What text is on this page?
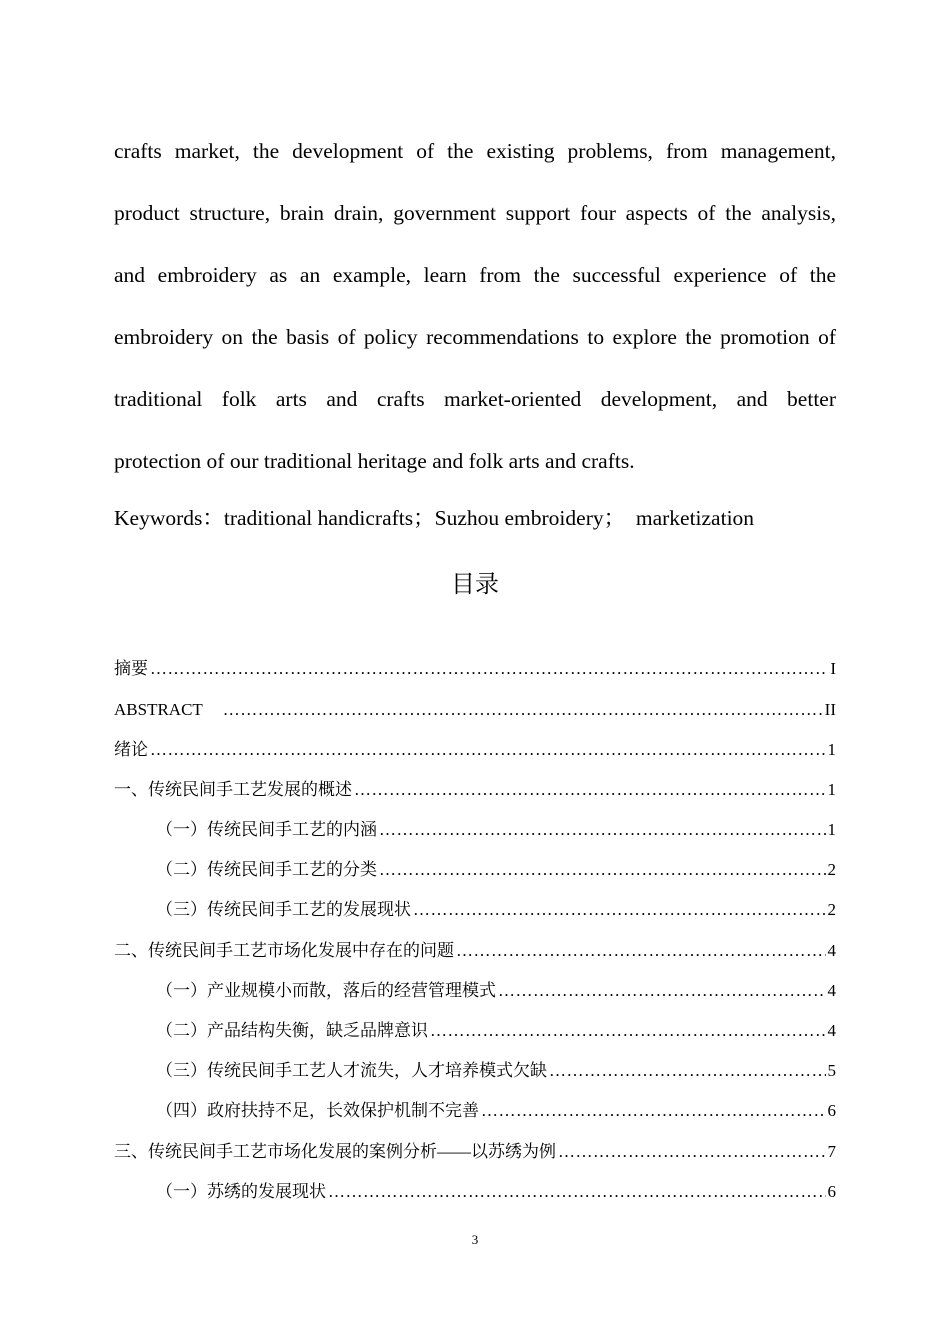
crafts market, the development of the existing problems, from management,
product structure, brain drain, government support four aspects of the analysis,
and embroidery as an example, learn from the successful experience of the
embroidery on the basis of policy recommendations to explore the promotion of
traditional folk arts and crafts market-oriented development, and better
protection of our traditional heritage and folk arts and crafts.
Keywords：traditional handicrafts；Suzhou embroidery；  marketization
目录
摘要 …………………………………………………………………………………………………………………………………………………………………………………………………………	I
ABSTRACT …………………………………………………………………………………………………………………………………………………………………………………………………………	II
绪论 …………………………………………………………………………………………………………………………………………………………………………………………………………	1
一、传统民间手工艺发展的概述 …………………………………………………………………………………………………………………………………………………………………………………………………………	1
（一）传统民间手工艺的内涵 …………………………………………………………………………………………………………………………………………………………………………………………………………	1
（二）传统民间手工艺的分类 …………………………………………………………………………………………………………………………………………………………………………………………………………	2
（三）传统民间手工艺的发展现状 …………………………………………………………………………………………………………………………………………………………………………………………………………	2
二、传统民间手工艺市场化发展中存在的问题 …………………………………………………………………………………………………………………………………………………………………………………………………………	4
（一）产业规模小而散，落后的经营管理模式 …………………………………………………………………………………………………………………………………………………………………………………………………………	4
（二）产品结构失衡，缺乏品牌意识 …………………………………………………………………………………………………………………………………………………………………………………………………………	4
（三）传统民间手工艺人才流失，人才培养模式欠缺 …………………………………………………………………………………………………………………………………………………………………………………………………………	5
（四）政府扶持不足，长效保护机制不完善 …………………………………………………………………………………………………………………………………………………………………………………………………………	6
三、传统民间手工艺市场化发展的案例分析——以苏绣为例 …………………………………………………………………………………………………………………………………………………………………………………………………………	7
（一）苏绣的发展现状 …………………………………………………………………………………………………………………………………………………………………………………………………………	6
3
